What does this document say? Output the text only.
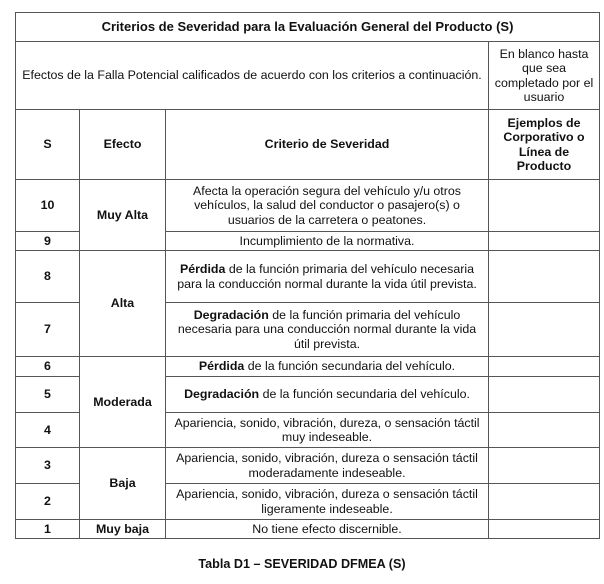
Criterios de Severidad para la Evaluación General del Producto (S)			
Efectos de la Falla Potencial calificados de acuerdo con los criterios a continuación.			En blanco hasta que sea completado por el usuario
S	Efecto	Criterio de Severidad	Ejemplos de Corporativo o Línea de Producto
10	Muy Alta	Afecta la operación segura del vehículo y/u otros vehículos, la salud del conductor o pasajero(s) o usuarios de la carretera o peatones.	
9		Incumplimiento de la normativa.	
8	Alta	Pérdida de la función primaria del vehículo necesaria para la conducción normal durante la vida útil prevista.	
7		Degradación de la función primaria del vehículo necesaria para una conducción normal durante la vida útil prevista.	
6	Moderada	Pérdida de la función secundaria del vehículo.	
5		Degradación de la función secundaria del vehículo.	
4		Apariencia, sonido, vibración, dureza, o sensación táctil muy indeseable.	
3	Baja	Apariencia, sonido, vibración, dureza o sensación táctil moderadamente indeseable.	
2		Apariencia, sonido, vibración, dureza o sensación táctil ligeramente indeseable.	
1	Muy baja	No tiene efecto discernible.	
Tabla D1 – SEVERIDAD DFMEA (S)
